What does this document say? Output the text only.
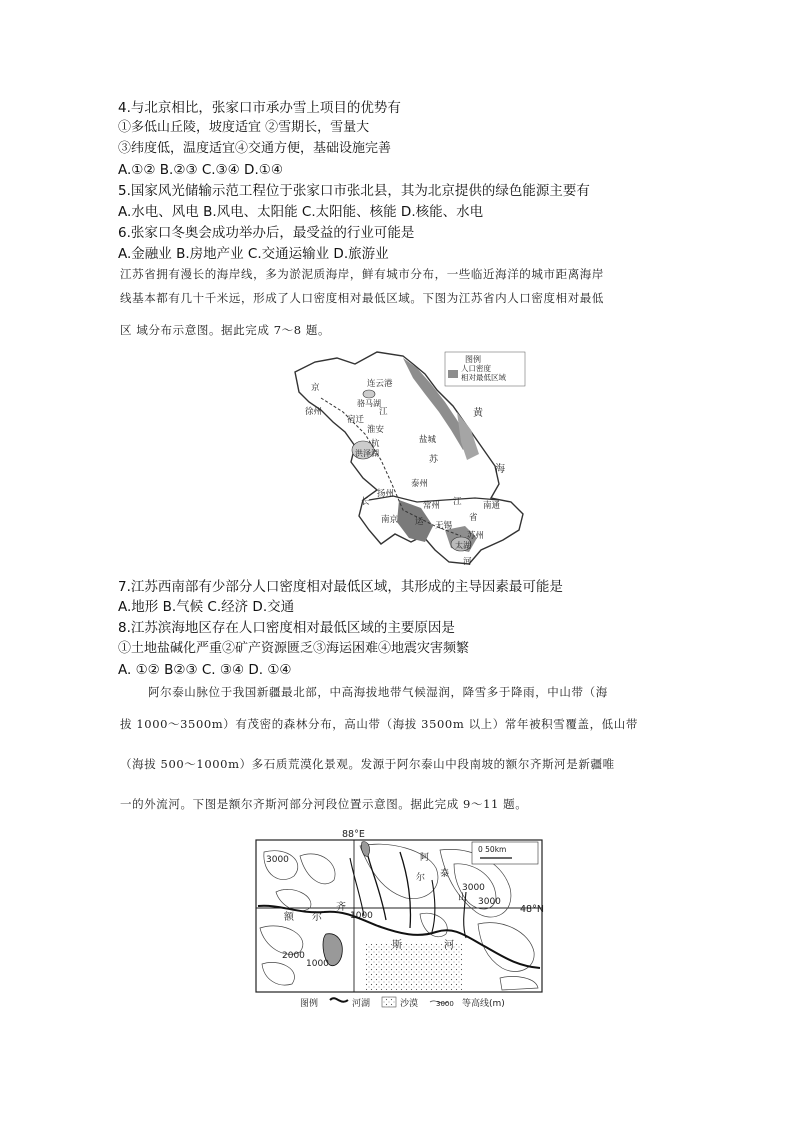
4.与北京相比，张家口市承办雪上项目的优势有
①多低山丘陵，坡度适宜 ②雪期长，雪量大
③纬度低，温度适宜④交通方便，基础设施完善
A.①② B.②③ C.③④ D.①④
5.国家风光储输示范工程位于张家口市张北县，其为北京提供的绿色能源主要有
A.水电、风电 B.风电、太阳能 C.太阳能、核能 D.核能、水电
6.张家口冬奥会成功举办后，最受益的行业可能是
A.金融业 B.房地产业 C.交通运输业 D.旅游业
江苏省拥有漫长的海岸线，多为淤泥质海岸，鲜有城市分布，一些临近海洋的城市距离海岸
线基本都有几十千米远，形成了人口密度相对最低区域。下图为江苏省内人口密度相对最低
区 域分布示意图。据此完成 7～8 题。
图例
人口密度
相对最低区域
连云港
骆马湖
宿迁
淮安
盐城
泰州
扬州
南通
常州
无锡
苏州
南京
徐州
洪泽湖
太湖
京
江
杭
苏
黄
海
长	江
运	省
河
7.江苏西南部有少部分人口密度相对最低区域，其形成的主导因素最可能是
A.地形 B.气候 C.经济 D.交通
8.江苏滨海地区存在人口密度相对最低区域的主要原因是
①土地盐碱化严重②矿产资源匮乏③海运困难④地震灾害频繁
A. ①② B②③ C. ③④ D. ①④
阿尔泰山脉位于我国新疆最北部，中高海拔地带气候湿润，降雪多于降雨，中山带（海
拔 1000～3500m）有茂密的森林分布，高山带（海拔 3500m 以上）常年被积雪覆盖，低山带
（海拔 500～1000m）多石质荒漠化景观。发源于阿尔泰山中段南坡的额尔齐斯河是新疆唯
一的外流河。下图是额尔齐斯河部分河段位置示意图。据此完成 9～11 题。
88°E
48°N
0 50km
3000
3000
3000
2000
1000
1000
额 尔
齐
斯	河
阿
尔 泰
山
图例	河湖	沙漠	3000 等高线(m)
